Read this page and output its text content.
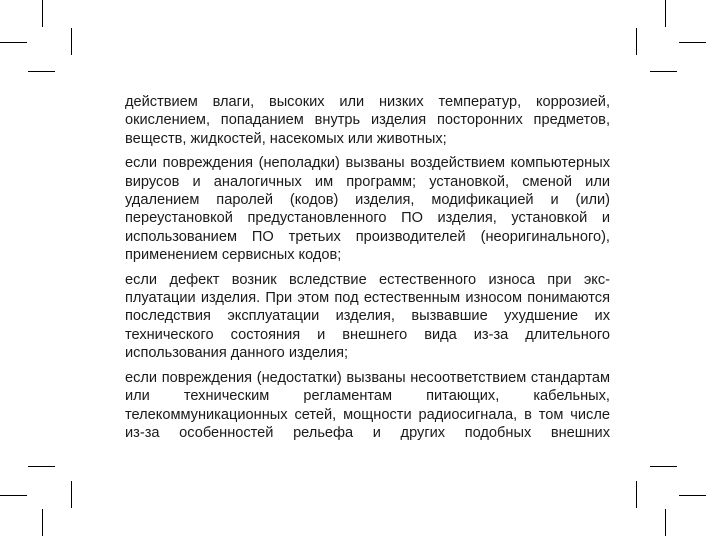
действием влаги, высоких или низких температур, коррозией, окислением, попаданием внутрь изделия посторонних предметов, веществ, жидкостей, насекомых или животных;

если повреждения (неполадки) вызваны воздействием компьютерных вирусов и аналогичных им программ; установкой, сменой или удалением паролей (кодов) изделия, модификацией и (или) переустановкой предустановленного ПО изделия, установкой и использованием ПО третьих производителей (неоригинального), применением сервисных кодов;

если дефект возник вследствие естественного износа при эксплуатации изделия. При этом под естественным износом понимаются последствия эксплуатации изделия, вызвавшие ухудшение их технического состояния и внешнего вида из-за длительного использования данного изделия;

если повреждения (недостатки) вызваны несоответствием стандартам или техническим регламентам питающих, кабельных, телекоммуникационных сетей, мощности радиосигнала, в том числе из-за особенностей рельефа и других подобных внешних
